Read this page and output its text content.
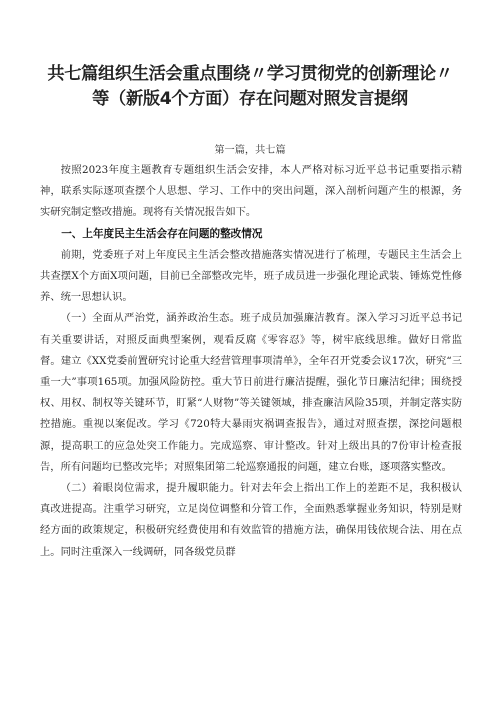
共七篇组织生活会重点围绕〃学习贯彻党的创新理论〃
等（新版4个方面）存在问题对照发言提纲
第一篇，共七篇

按照2023年度主题教育专题组织生活会安排，本人严格对标习近平总书记重要指示精神，联系实际逐项查摆个人思想、学习、工作中的突出问题，深入剖析问题产生的根源，务实研究制定整改措施。现将有关情况报告如下。

一、上年度民主生活会存在问题的整改情况

前期，党委班子对上年度民主生活会整改措施落实情况进行了梳理，专题民主生活会上共查摆X个方面X项问题，目前已全部整改完毕，班子成员进一步强化理论武装、锤炼党性修养、统一思想认识。

（一）全面从严治党，涵养政治生态。班子成员加强廉洁教育。深入学习习近平总书记有关重要讲话，对照反面典型案例，观看反腐《零容忍》等，树牢底线思维。做好日常监督。建立《XX党委前置研究讨论重大经营管理事项清单》，全年召开党委会议17次，研究“三重一大”事项165项。加强风险防控。重大节日前进行廉洁提醒，强化节日廉洁纪律；围绕授权、用权、制权等关键环节，盯紧“人财物”等关键领域，排查廉洁风险35项，并制定落实防控措施。重视以案促改。学习《720特大暴雨灾祸调查报告》，通过对照查摆，深挖问题根源，提高职工的应急处突工作能力。完成巡察、审计整改。针对上级出具的7份审计检查报告，所有问题均已整改完毕；对照集团第二轮巡察通报的问题，建立台账，逐项落实整改。

（二）着眼岗位需求，提升履职能力。针对去年会上指出工作上的差距不足，我积极认真改进提高。注重学习研究，立足岗位调整和分管工作，全面熟悉掌握业务知识，特别是财经方面的政策规定，积极研究经费使用和有效监管的措施方法，确保用钱依规合法、用在点上。同时注重深入一线调研，同各级党员群
